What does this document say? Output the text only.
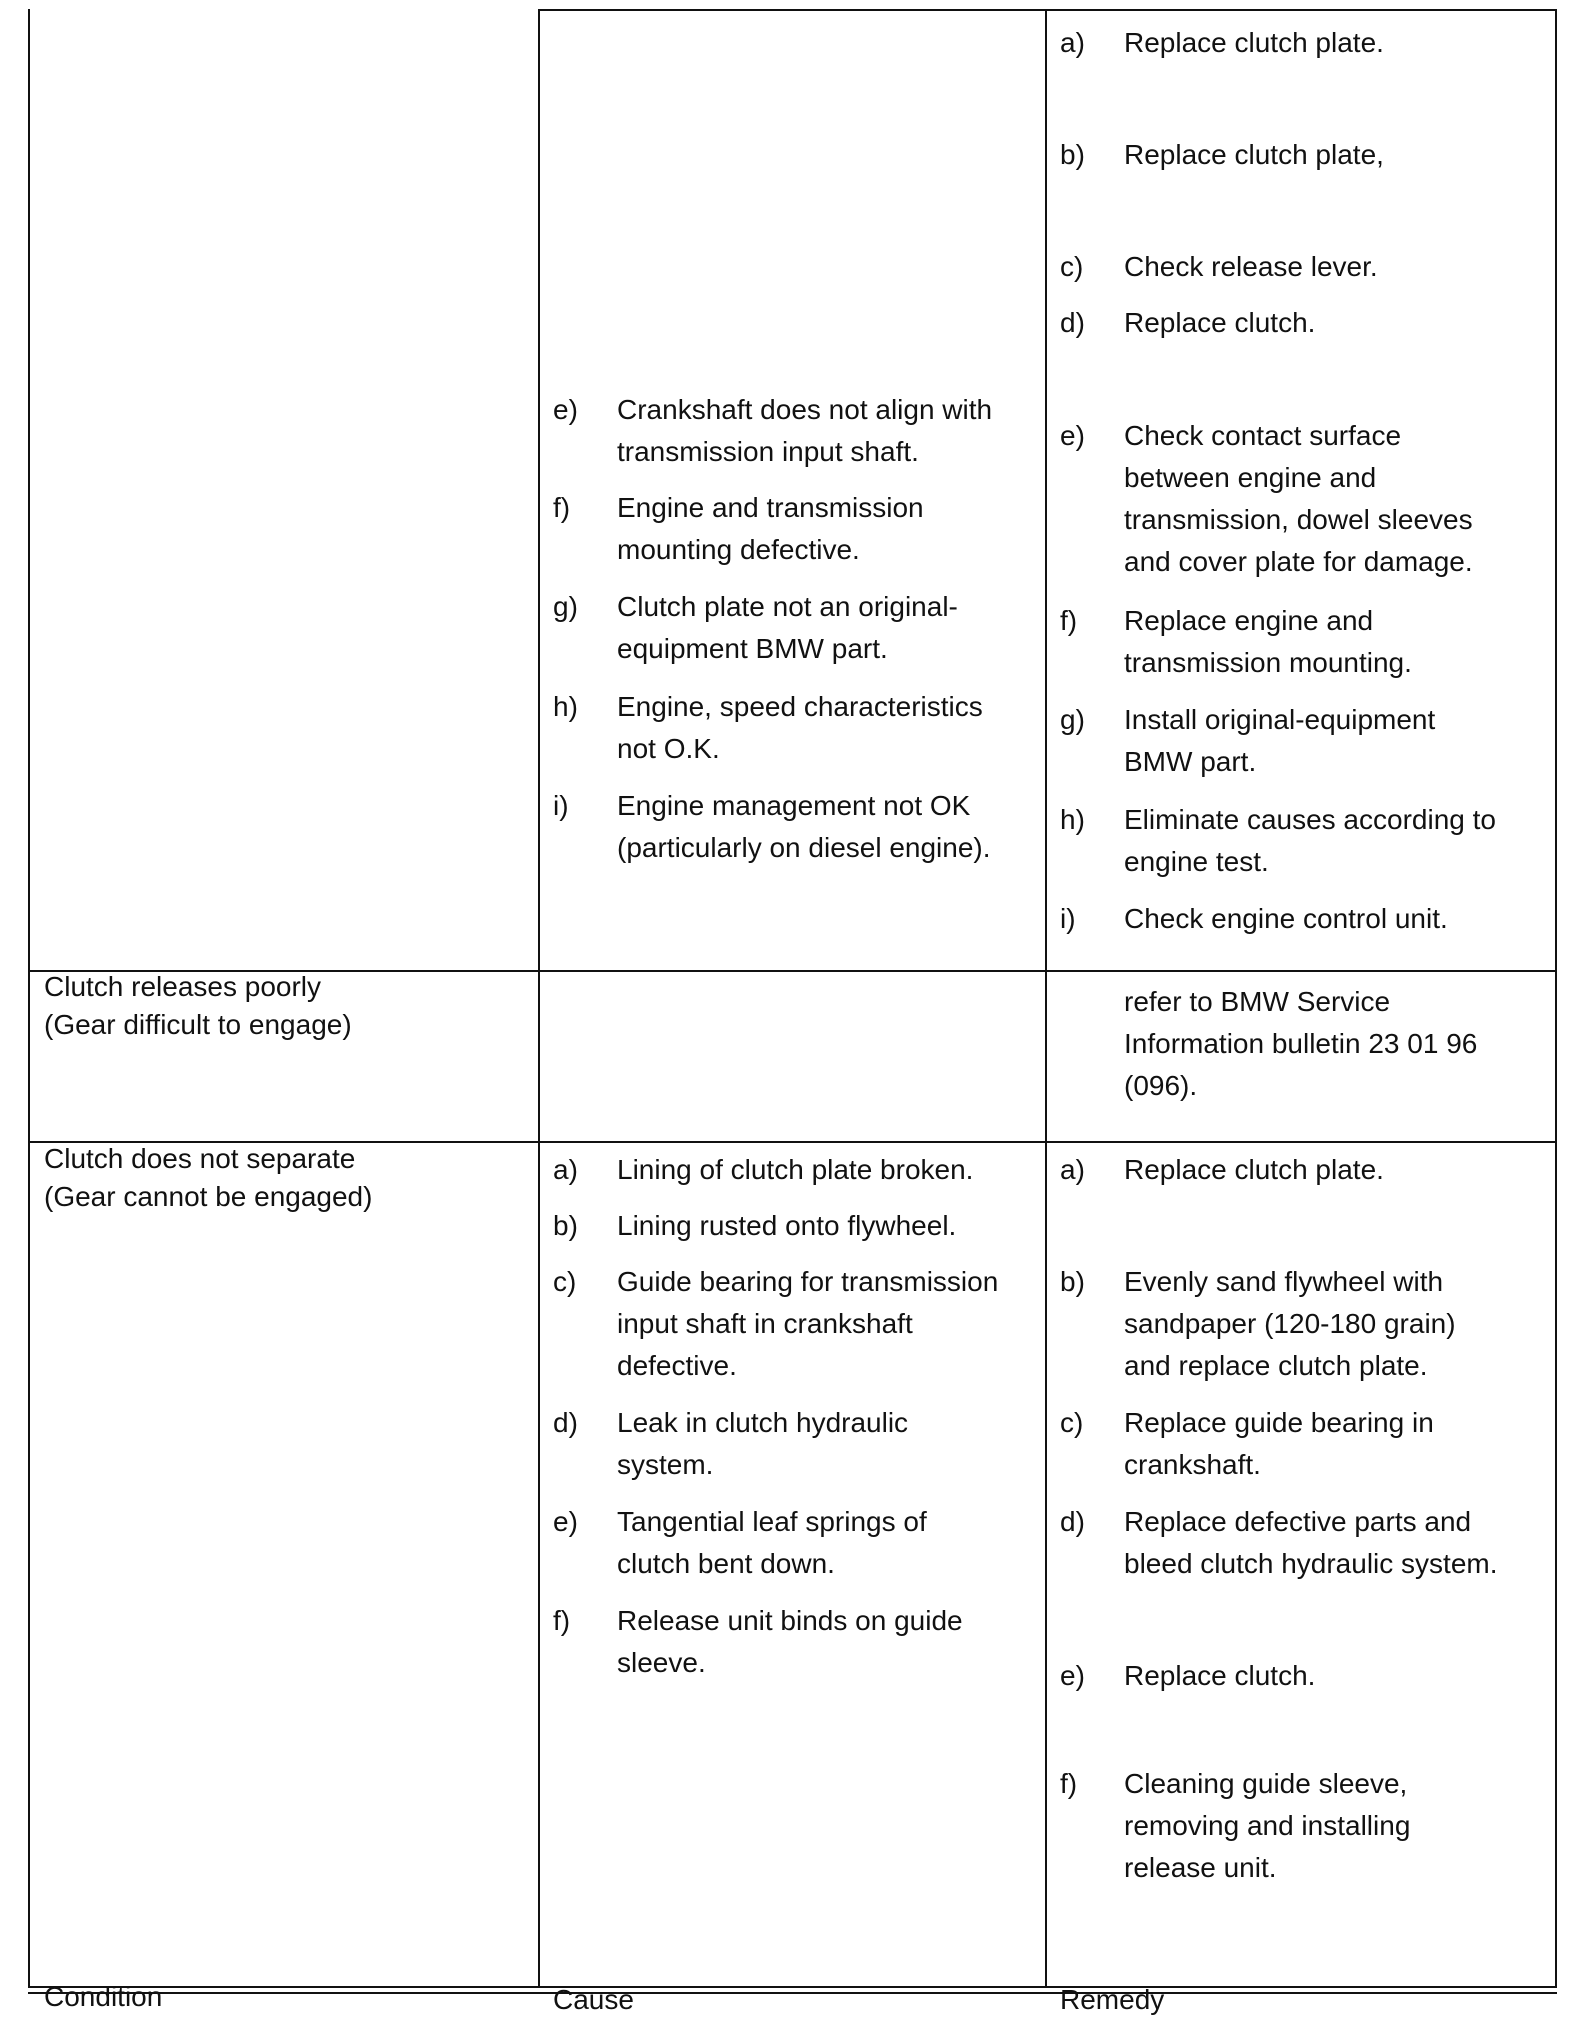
e) Crankshaft does not align with
transmission input shaft.
f) Engine and transmission
mounting defective.
g) Clutch plate not an original-
equipment BMW part.
h) Engine, speed characteristics
not O.K.
i) Engine management not OK
(particularly on diesel engine).
a) Replace clutch plate.
b) Replace clutch plate,
c) Check release lever.
d) Replace clutch.
e) Check contact surface
between engine and
transmission, dowel sleeves
and cover plate for damage.
f) Replace engine and
transmission mounting.
g) Install original-equipment
BMW part.
h) Eliminate causes according to
engine test.
i) Check engine control unit.
Clutch releases poorly
(Gear difficult to engage)
refer to BMW Service
Information bulletin 23 01 96
(096).
Clutch does not separate
(Gear cannot be engaged)
a) Lining of clutch plate broken.
b) Lining rusted onto flywheel.
c) Guide bearing for transmission
input shaft in crankshaft
defective.
d) Leak in clutch hydraulic
system.
e) Tangential leaf springs of
clutch bent down.
f) Release unit binds on guide
sleeve.
a) Replace clutch plate.
b) Evenly sand flywheel with
sandpaper (120-180 grain)
and replace clutch plate.
c) Replace guide bearing in
crankshaft.
d) Replace defective parts and
bleed clutch hydraulic system.
e) Replace clutch.
f) Cleaning guide sleeve,
removing and installing
release unit.
Condition	Cause	Remedy
